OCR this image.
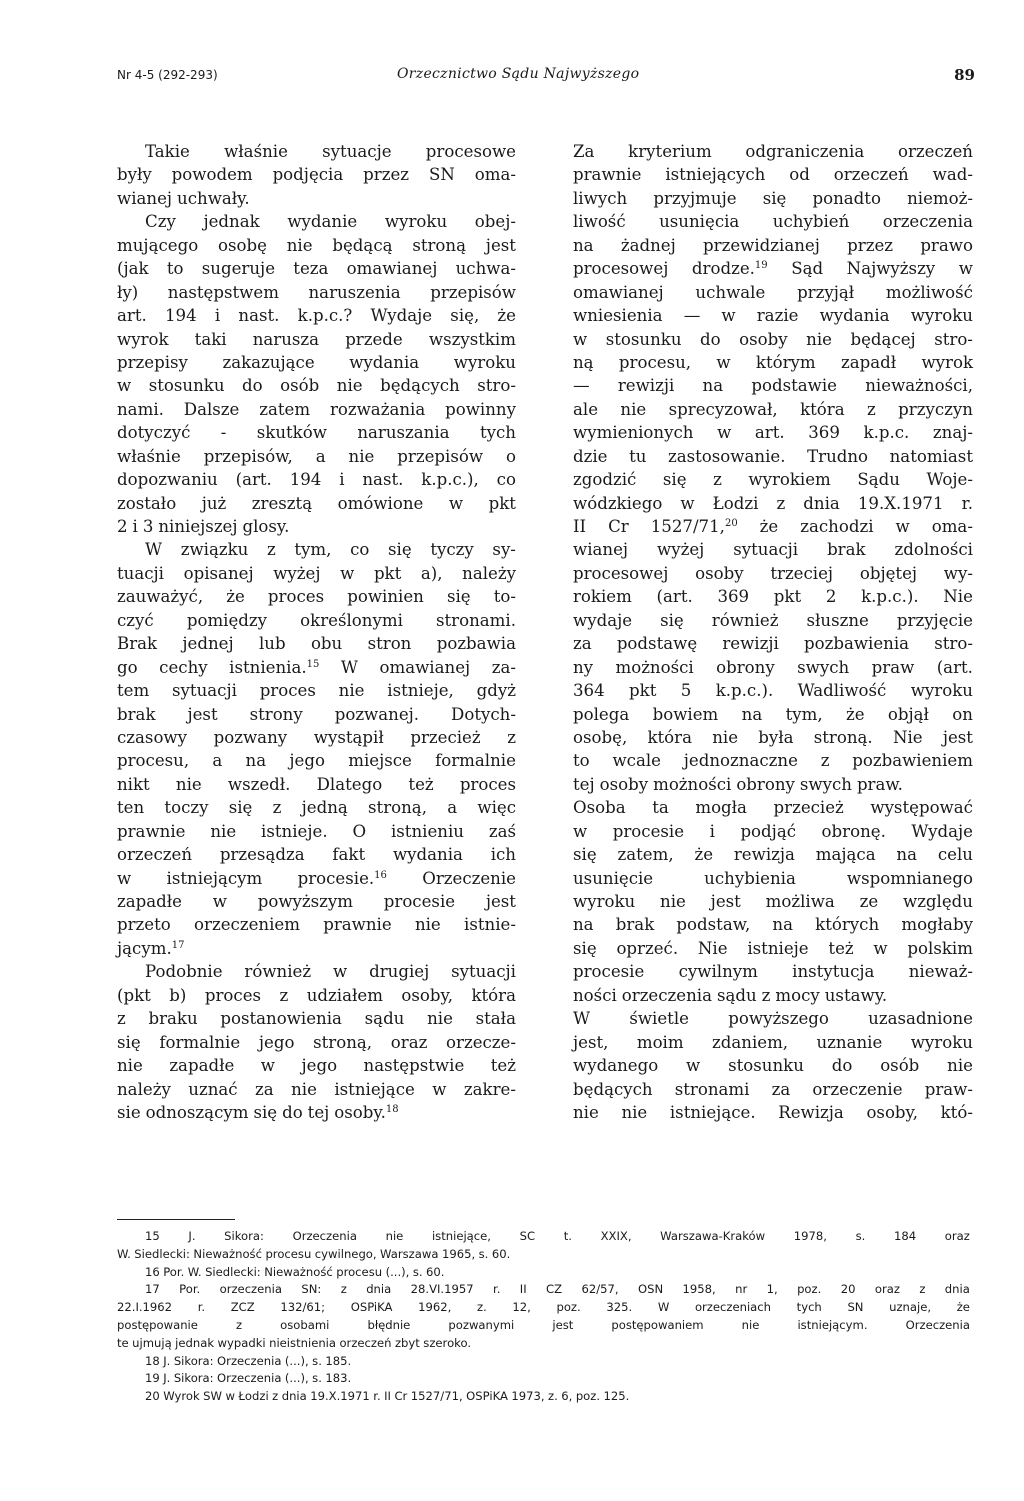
Nr 4-5 (292-293)	Orzecznictwo Sądu Najwyższego	89
Takie właśnie sytuacje procesowe
były powodem podjęcia przez SN oma-
wianej uchwały.
Czy jednak wydanie wyroku obej-
mującego osobę nie będącą stroną jest
(jak to sugeruje teza omawianej uchwa-
ły) następstwem naruszenia przepisów
art. 194 i nast. k.p.c.? Wydaje się, że
wyrok taki narusza przede wszystkim
przepisy zakazujące wydania wyroku
w stosunku do osób nie będących stro-
nami. Dalsze zatem rozważania powinny
dotyczyć - skutków naruszania tych
właśnie przepisów, a nie przepisów o
dopozwaniu (art. 194 i nast. k.p.c.), co
zostało już zresztą omówione w pkt
2 i 3 niniejszej glosy.
W związku z tym, co się tyczy sy-
tuacji opisanej wyżej w pkt a), należy
zauważyć, że proces powinien się to-
czyć pomiędzy określonymi stronami.
Brak jednej lub obu stron pozbawia
go cechy istnienia.$^{15}$ W omawianej za-
tem sytuacji proces nie istnieje, gdyż
brak jest strony pozwanej. Dotych-
czasowy pozwany wystąpił przecież z
procesu, a na jego miejsce formalnie
nikt nie wszedł. Dlatego też proces
ten toczy się z jedną stroną, a więc
prawnie nie istnieje. O istnieniu zaś
orzeczeń przesądza fakt wydania ich
w istniejącym procesie.$^{16}$ Orzeczenie
zapadłe w powyższym procesie jest
przeto orzeczeniem prawnie nie istnie-
jącym.$^{17}$
Podobnie również w drugiej sytuacji
(pkt b) proces z udziałem osoby, która
z braku postanowienia sądu nie stała
się formalnie jego stroną, oraz orzecze-
nie zapadłe w jego następstwie też
należy uznać za nie istniejące w zakre-
sie odnoszącym się do tej osoby.$^{18}$
Za kryterium odgraniczenia orzeczeń
prawnie istniejących od orzeczeń wad-
liwych przyjmuje się ponadto niemoż-
liwość usunięcia uchybień orzeczenia
na żadnej przewidzianej przez prawo
procesowej drodze.$^{19}$ Sąd Najwyższy w
omawianej uchwale przyjął możliwość
wniesienia — w razie wydania wyroku
w stosunku do osoby nie będącej stro-
ną procesu, w którym zapadł wyrok
— rewizji na podstawie nieważności,
ale nie sprecyzował, która z przyczyn
wymienionych w art. 369 k.p.c. znaj-
dzie tu zastosowanie. Trudno natomiast
zgodzić się z wyrokiem Sądu Woje-
wódzkiego w Łodzi z dnia 19.X.1971 r.
II Cr 1527/71,20 że zachodzi w oma-
wianej wyżej sytuacji brak zdolności
procesowej osoby trzeciej objętej wy-
rokiem (art. 369 pkt 2 k.p.c.). Nie
wydaje się również słuszne przyjęcie
za podstawę rewizji pozbawienia stro-
ny możności obrony swych praw (art.
364 pkt 5 k.p.c.). Wadliwość wyroku
polega bowiem na tym, że objął on
osobę, która nie była stroną. Nie jest
to wcale jednoznaczne z pozbawieniem
tej osoby możności obrony swych praw.
Osoba ta mogła przecież występować
w procesie i podjąć obronę. Wydaje
się zatem, że rewizja mająca na celu
usunięcie	uchybienia	wspomnianego
wyroku nie jest możliwa ze względu
na brak podstaw, na których mogłaby
się oprzeć. Nie istnieje też w polskim
procesie cywilnym instytucja nieważ-
ności orzeczenia sądu z mocy ustawy.
W świetle powyższego uzasadnione
jest, moim zdaniem, uznanie wyroku
wydanego w stosunku do osób nie
będących stronami za orzeczenie praw-
nie nie istniejące. Rewizja osoby, któ-
15 J. Sikora: Orzeczenia nie istniejące, SC t. XXIX, Warszawa-Kraków 1978, s. 184 oraz
W. Siedlecki: Nieważność procesu cywilnego, Warszawa 1965, s. 60.
16 Por. W. Siedlecki: Nieważność procesu (...), s. 60.
17 Por. orzeczenia SN: z dnia 28.VI.1957 r. II CZ 62/57, OSN 1958, nr 1, poz. 20 oraz z dnia
22.I.1962 r. ZCZ 132/61; OSPiKA 1962, z. 12, poz. 325. W orzeczeniach tych SN uznaje, że
postępowanie	z	osobami	błędnie	pozwanymi	jest	postępowaniem	nie	istniejącym.	Orzeczenia
te ujmują jednak wypadki nieistnienia orzeczeń zbyt szeroko.
18 J. Sikora: Orzeczenia (...), s. 185.
19 J. Sikora: Orzeczenia (...), s. 183.
20 Wyrok SW w Łodzi z dnia 19.X.1971 r. II Cr 1527/71, OSPiKA 1973, z. 6, poz. 125.
